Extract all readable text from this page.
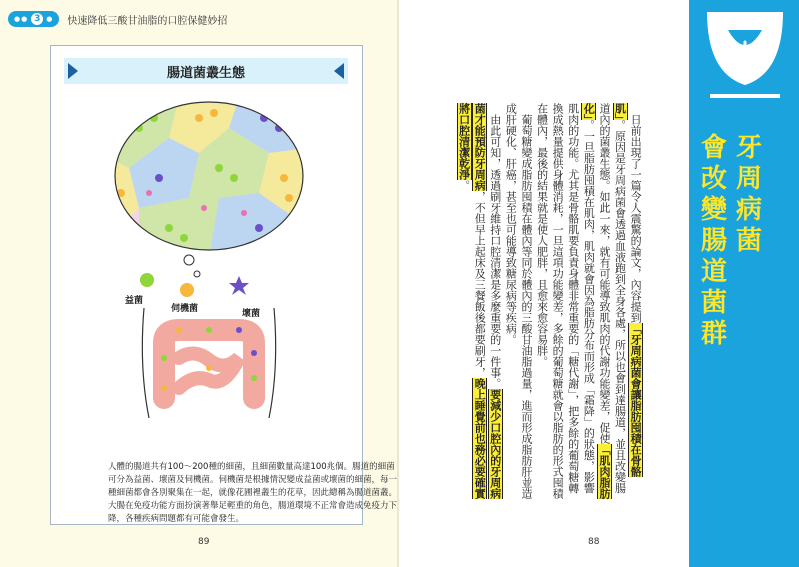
●● 3 ● 快速降低三酸甘油脂的口腔保健妙招
腸道菌叢生態
益菌
伺機菌	壞菌

人體的腸道共有100〜200種的細菌，且細菌數量高達100兆個。腸道的細菌可分為益菌、壞菌及伺機菌。伺機菌是根據情況變成益菌或壞菌的細菌，每一種細菌都會各別聚集在一起，就像花圃裡叢生的花草，因此總稱為腸道菌叢。大腸在免疫功能方面扮演著舉足輕重的角色，腸道環境不正常會造成免疫力下降，各種疾病問題都有可能會發生。

89	88

日前出現了一篇令人震驚的論文，內容提到「牙周病菌會讓脂肪囤積在骨骼肌」。原因是牙周病菌會透過血液跑到全身各處，所以也會到達腸道，並且改變腸道內的菌叢生態。如此一來，就有可能導致肌肉的代謝功能變差，促使「肌肉脂肪化」。一旦脂肪囤積在肌肉，肌肉就會因為脂肪分布而形成「霜降」的狀態，影響肌肉的功能。尤其是骨骼肌要負責身體非常重要的「糖代謝」，把多餘的葡萄糖轉換成熱量提供身體消耗，一旦這項功能變差，多餘的葡萄糖就會以脂肪的形式囤積在體內，最後的結果就是使人肥胖，且愈來愈容易胖。

葡萄糖變成脂肪囤積在體內等同於體內的三酸甘油脂過量，進而形成脂肪肝並造成肝硬化、肝癌，甚至也可能導致糖尿病等疾病。

由此可知，透過刷牙維持口腔清潔是多麼重要的一件事。要減少口腔內的牙周病菌才能預防牙周病，不但早上起床及三餐飯後都要刷牙，晚上睡覺前也務必要確實將口腔清潔乾淨。

牙
周
病
菌
會
改
變
腸
道
菌
群
